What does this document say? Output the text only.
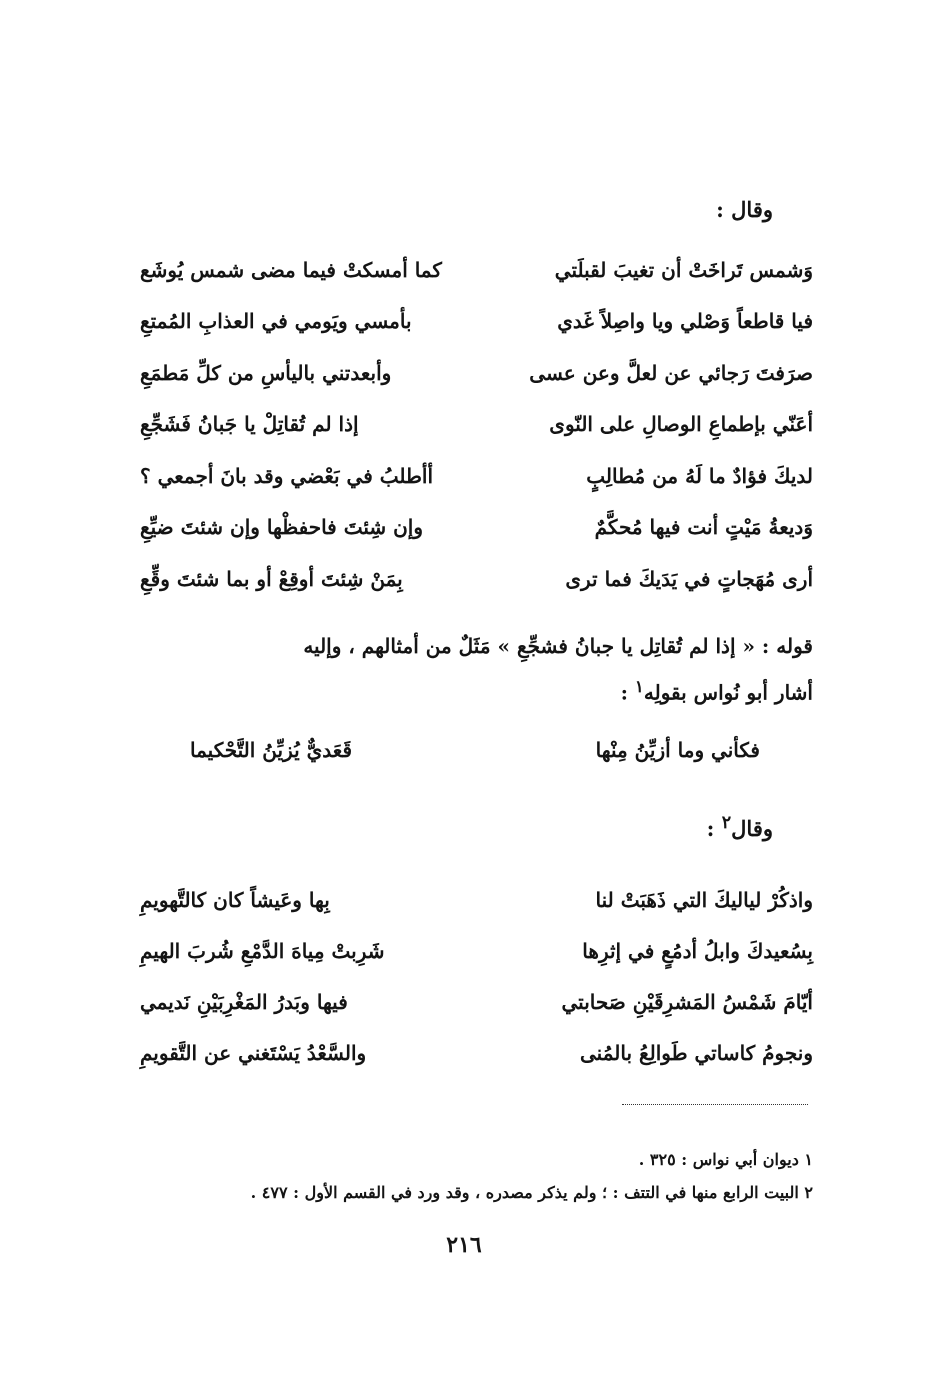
وقال :
وَشمس تَراخَتْ أن تغيبَ لقبلَتي
كما أمسكتْ فيما مضى شمس يُوشَع
فيا قاطعاً وَصْلي ويا واصِلاً غَدي
بأمسي ويَومي في العذابِ المُمتعِ
صرَفتَ رَجائي عن لعلَّ وعن عسى
وأبعدتني باليأسِ من كلِّ مَطمَعِ
أعَنّي بإطماعِ الوصالِ على النّوى
إذا لم تُقاتِلْ يا جَبانُ فَشَجِّعِ
لديكَ فؤادٌ ما لَهُ من مُطالِبٍ
أأطلبُ في بَعْضي وقد بانَ أجمعي ؟
وَديعةُ مَيْتٍ أنت فيها مُحكَّمٌ
وإن شِئتَ فاحفظْها وإن شئتَ ضيِّعِ
أرى مُهَجاتٍ في يَدَيكَ فما ترى
بِمَنْ شِئتَ أوقِعْ أو بما شئتَ وقِّعِ
قوله : « إذا لم تُقاتِل يا جبانُ فشجِّعِ » مَثَلٌ من أمثالهم ، وإليه
أشار أبو نُواس بقولِه$^١$ :
فكأني وما أزيِّنُ مِنْها
قَعَديٌّ يُزيِّنُ التَّحْكيما
وقال$^٢$ :
واذكُرْ لياليكَ التي ذَهَبَتْ لنا
بِها وعَيشاً كان كالتَّهويمِ
بِسُعيدكَ وابلُ أدمُعٍ في إثرِها
شَرِبتْ مِياهَ الدَّمْعِ شُربَ الهيمِ
أيّامَ شَمْسُ المَشرِقَيْنِ صَحابتي
فيها وبَدرُ المَغْرِبَيْنِ نَديمي
ونجومُ كاساتي طَوالِعُ بالمُنى
والسَّعْدُ يَسْتَغني عن التَّقويمِ
١ ديوان أبي نواس : ٣٢٥ .
٢ البيت الرابع منها في التتف : ؛ ولم يذكر مصدره ، وقد ورد في القسم الأول : ٤٧٧ .
٢١٦
